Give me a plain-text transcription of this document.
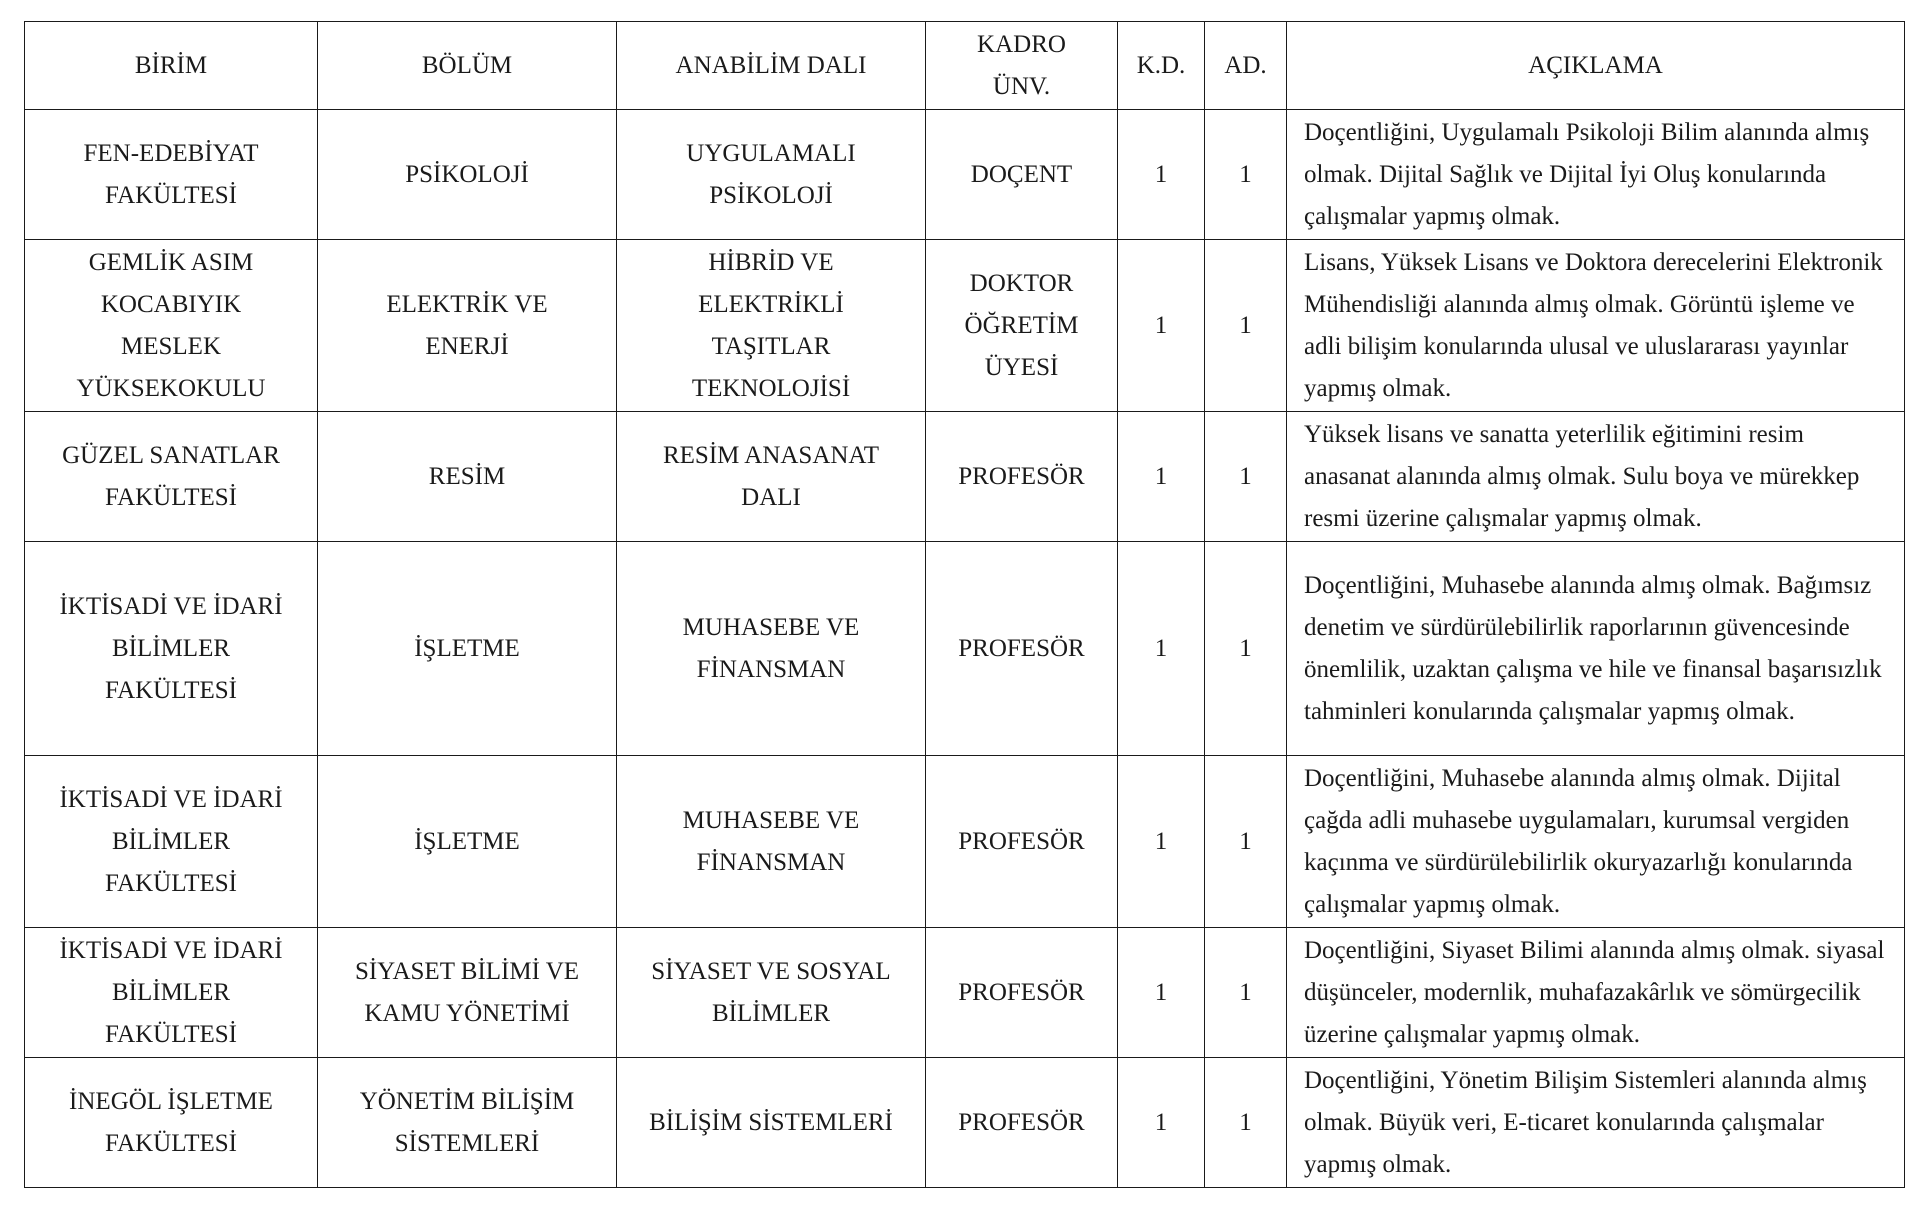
BİRİM	BÖLÜM	ANABİLİM DALI	KADRO ÜNV.	K.D.	AD.	AÇIKLAMA
FEN-EDEBİYAT FAKÜLTESİ	PSİKOLOJİ	UYGULAMALI PSİKOLOJİ	DOÇENT	1	1	Doçentliğini, Uygulamalı Psikoloji Bilim alanında almış olmak. Dijital Sağlık ve Dijital İyi Oluş konularında çalışmalar yapmış olmak.
GEMLİK ASIM KOCABIYIK MESLEK YÜKSEKOKULU	ELEKTRİK VE ENERJİ	HİBRİD VE ELEKTRİKLİ TAŞITLAR TEKNOLOJİSİ	DOKTOR ÖĞRETİM ÜYESİ	1	1	Lisans, Yüksek Lisans ve Doktora derecelerini Elektronik Mühendisliği alanında almış olmak. Görüntü işleme ve adli bilişim konularında ulusal ve uluslararası yayınlar yapmış olmak.
GÜZEL SANATLAR FAKÜLTESİ	RESİM	RESİM ANASANAT DALI	PROFESÖR	1	1	Yüksek lisans ve sanatta yeterlilik eğitimini resim anasanat alanında almış olmak. Sulu boya ve mürekkep resmi üzerine çalışmalar yapmış olmak.
İKTİSADİ VE İDARİ BİLİMLER FAKÜLTESİ	İŞLETME	MUHASEBE VE FİNANSMAN	PROFESÖR	1	1	Doçentliğini, Muhasebe alanında almış olmak. Bağımsız denetim ve sürdürülebilirlik raporlarının güvencesinde önemlilik, uzaktan çalışma ve hile ve finansal başarısızlık tahminleri konularında çalışmalar yapmış olmak.
İKTİSADİ VE İDARİ BİLİMLER FAKÜLTESİ	İŞLETME	MUHASEBE VE FİNANSMAN	PROFESÖR	1	1	Doçentliğini, Muhasebe alanında almış olmak. Dijital çağda adli muhasebe uygulamaları, kurumsal vergiden kaçınma ve sürdürülebilirlik okuryazarlığı konularında çalışmalar yapmış olmak.
İKTİSADİ VE İDARİ BİLİMLER FAKÜLTESİ	SİYASET BİLİMİ VE KAMU YÖNETİMİ	SİYASET VE SOSYAL BİLİMLER	PROFESÖR	1	1	Doçentliğini, Siyaset Bilimi alanında almış olmak. siyasal düşünceler, modernlik, muhafazakârlık ve sömürgecilik üzerine çalışmalar yapmış olmak.
İNEGÖL İŞLETME FAKÜLTESİ	YÖNETİM BİLİŞİM SİSTEMLERİ	BİLİŞİM SİSTEMLERİ	PROFESÖR	1	1	Doçentliğini, Yönetim Bilişim Sistemleri alanında almış olmak. Büyük veri, E-ticaret konularında çalışmalar yapmış olmak.
